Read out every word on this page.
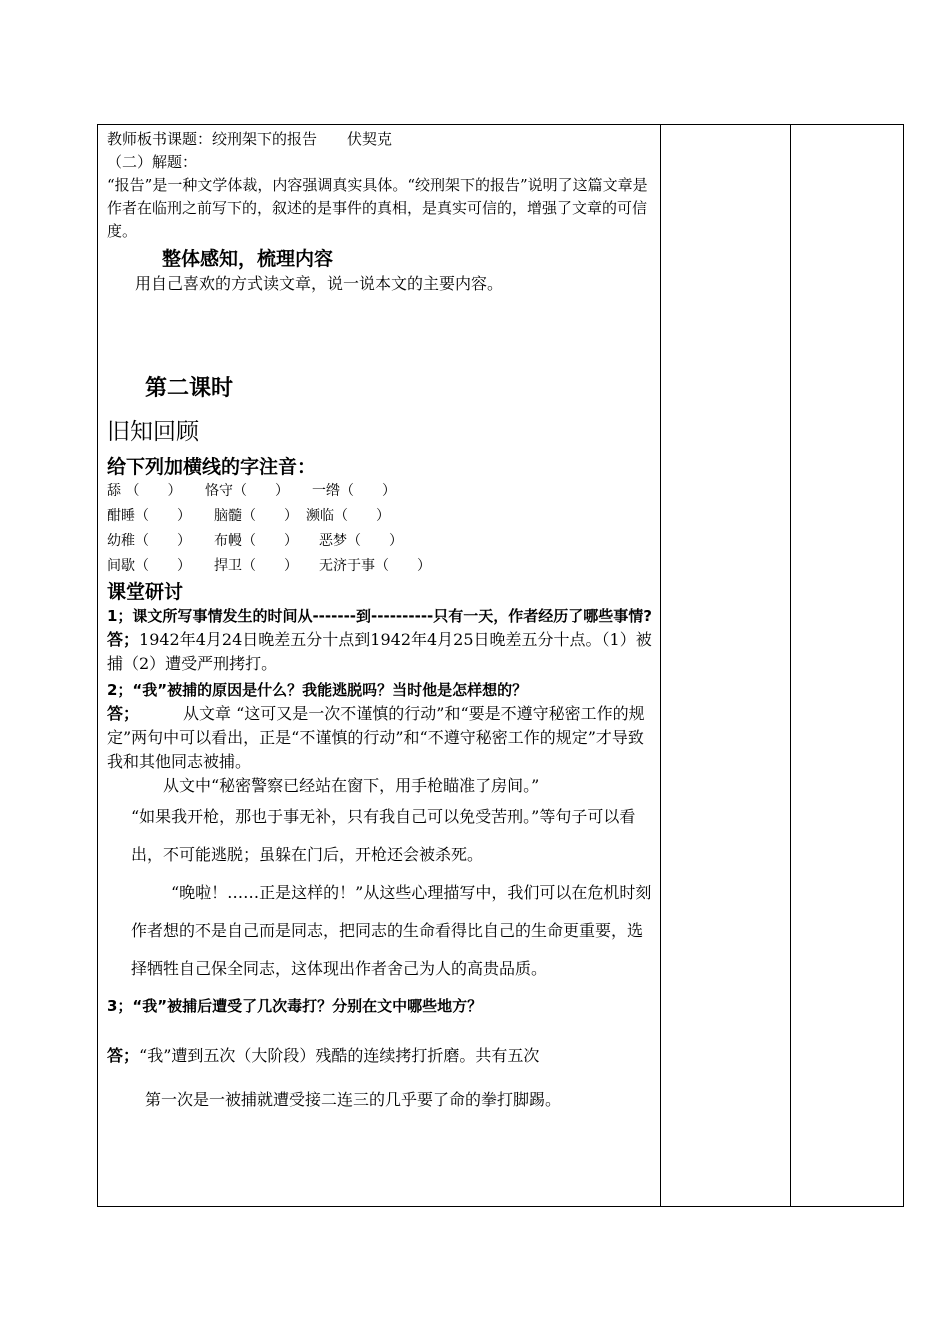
教师板书课题：绞刑架下的报告　　伏契克
（二）解题：
“报告”是一种文学体裁，内容强调真实具体。“绞刑架下的报告”说明了这篇文章是作者在临刑之前写下的，叙述的是事件的真相，是真实可信的，增强了文章的可信度。
整体感知，梳理内容
用自己喜欢的方式读文章，说一说本文的主要内容。
第二课时
旧知回顾
给下列加横线的字注音：
舔 （　　）	恪守（　　）	一绺（　　）
酣睡（　　）	脑髓（　　） 濒临（　　）
幼稚（　　）	布幔（　　）	恶梦（　　）
间歇（　　）	捍卫（　　）	无济于事（　　）
课堂研讨
1；课文所写事情发生的时间从-------到----------只有一天，作者经历了哪些事情?
答；1942年4月24日晚差五分十点到1942年4月25日晚差五分十点。（1）被捕（2）遭受严刑拷打。
2；“我”被捕的原因是什么？我能逃脱吗？当时他是怎样想的？
答；	从文章 “这可又是一次不谨慎的行动”和“要是不遵守秘密工作的规定”两句中可以看出，正是“不谨慎的行动”和“不遵守秘密工作的规定”才导致我和其他同志被捕。
从文中“秘密警察已经站在窗下，用手枪瞄准了房间。”
“如果我开枪，那也于事无补，只有我自己可以免受苦刑。”等句子可以看出，不可能逃脱；虽躲在门后，开枪还会被杀死。
“晚啦！……正是这样的！”从这些心理描写中，我们可以在危机时刻作者想的不是自己而是同志，把同志的生命看得比自己的生命更重要，选择牺牲自己保全同志，这体现出作者舍己为人的高贵品质。
3；“我”被捕后遭受了几次毒打？分别在文中哪些地方？
答；“我”遭到五次（大阶段）残酷的连续拷打折磨。共有五次
第一次是一被捕就遭受接二连三的几乎要了命的拳打脚踢。
